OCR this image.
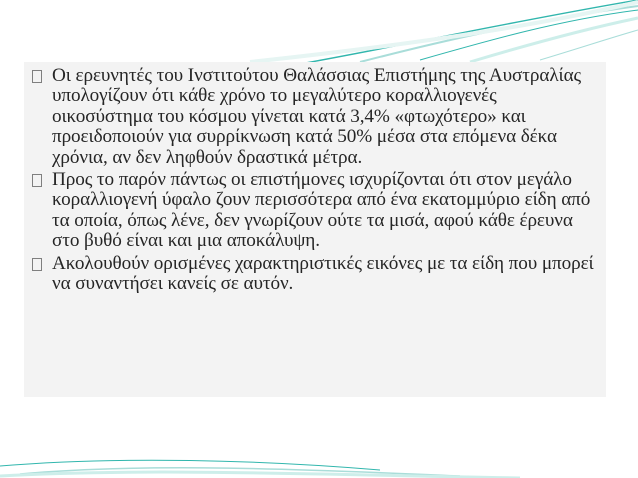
Οι ερευνητές του Ινστιτούτου Θαλάσσιας Επιστήμης της Αυστραλίας υπολογίζουν ότι κάθε χρόνο το μεγαλύτερο κοραλλιογενές οικοσύστημα του κόσμου γίνεται κατά 3,4% «φτωχότερο» και προειδοποιούν για συρρίκνωση κατά 50% μέσα στα επόμενα δέκα χρόνια, αν δεν ληφθούν δραστικά μέτρα.
Προς το παρόν πάντως οι επιστήμονες ισχυρίζονται ότι στον μεγάλο κοραλλιογενή ύφαλο ζουν περισσότερα από ένα εκατομμύριο είδη από τα οποία, όπως λένε, δεν γνωρίζουν ούτε τα μισά, αφού κάθε έρευνα στο βυθό είναι και μια αποκάλυψη.
Ακολουθούν ορισμένες χαρακτηριστικές εικόνες με τα είδη που μπορεί να συναντήσει κανείς σε αυτόν.
